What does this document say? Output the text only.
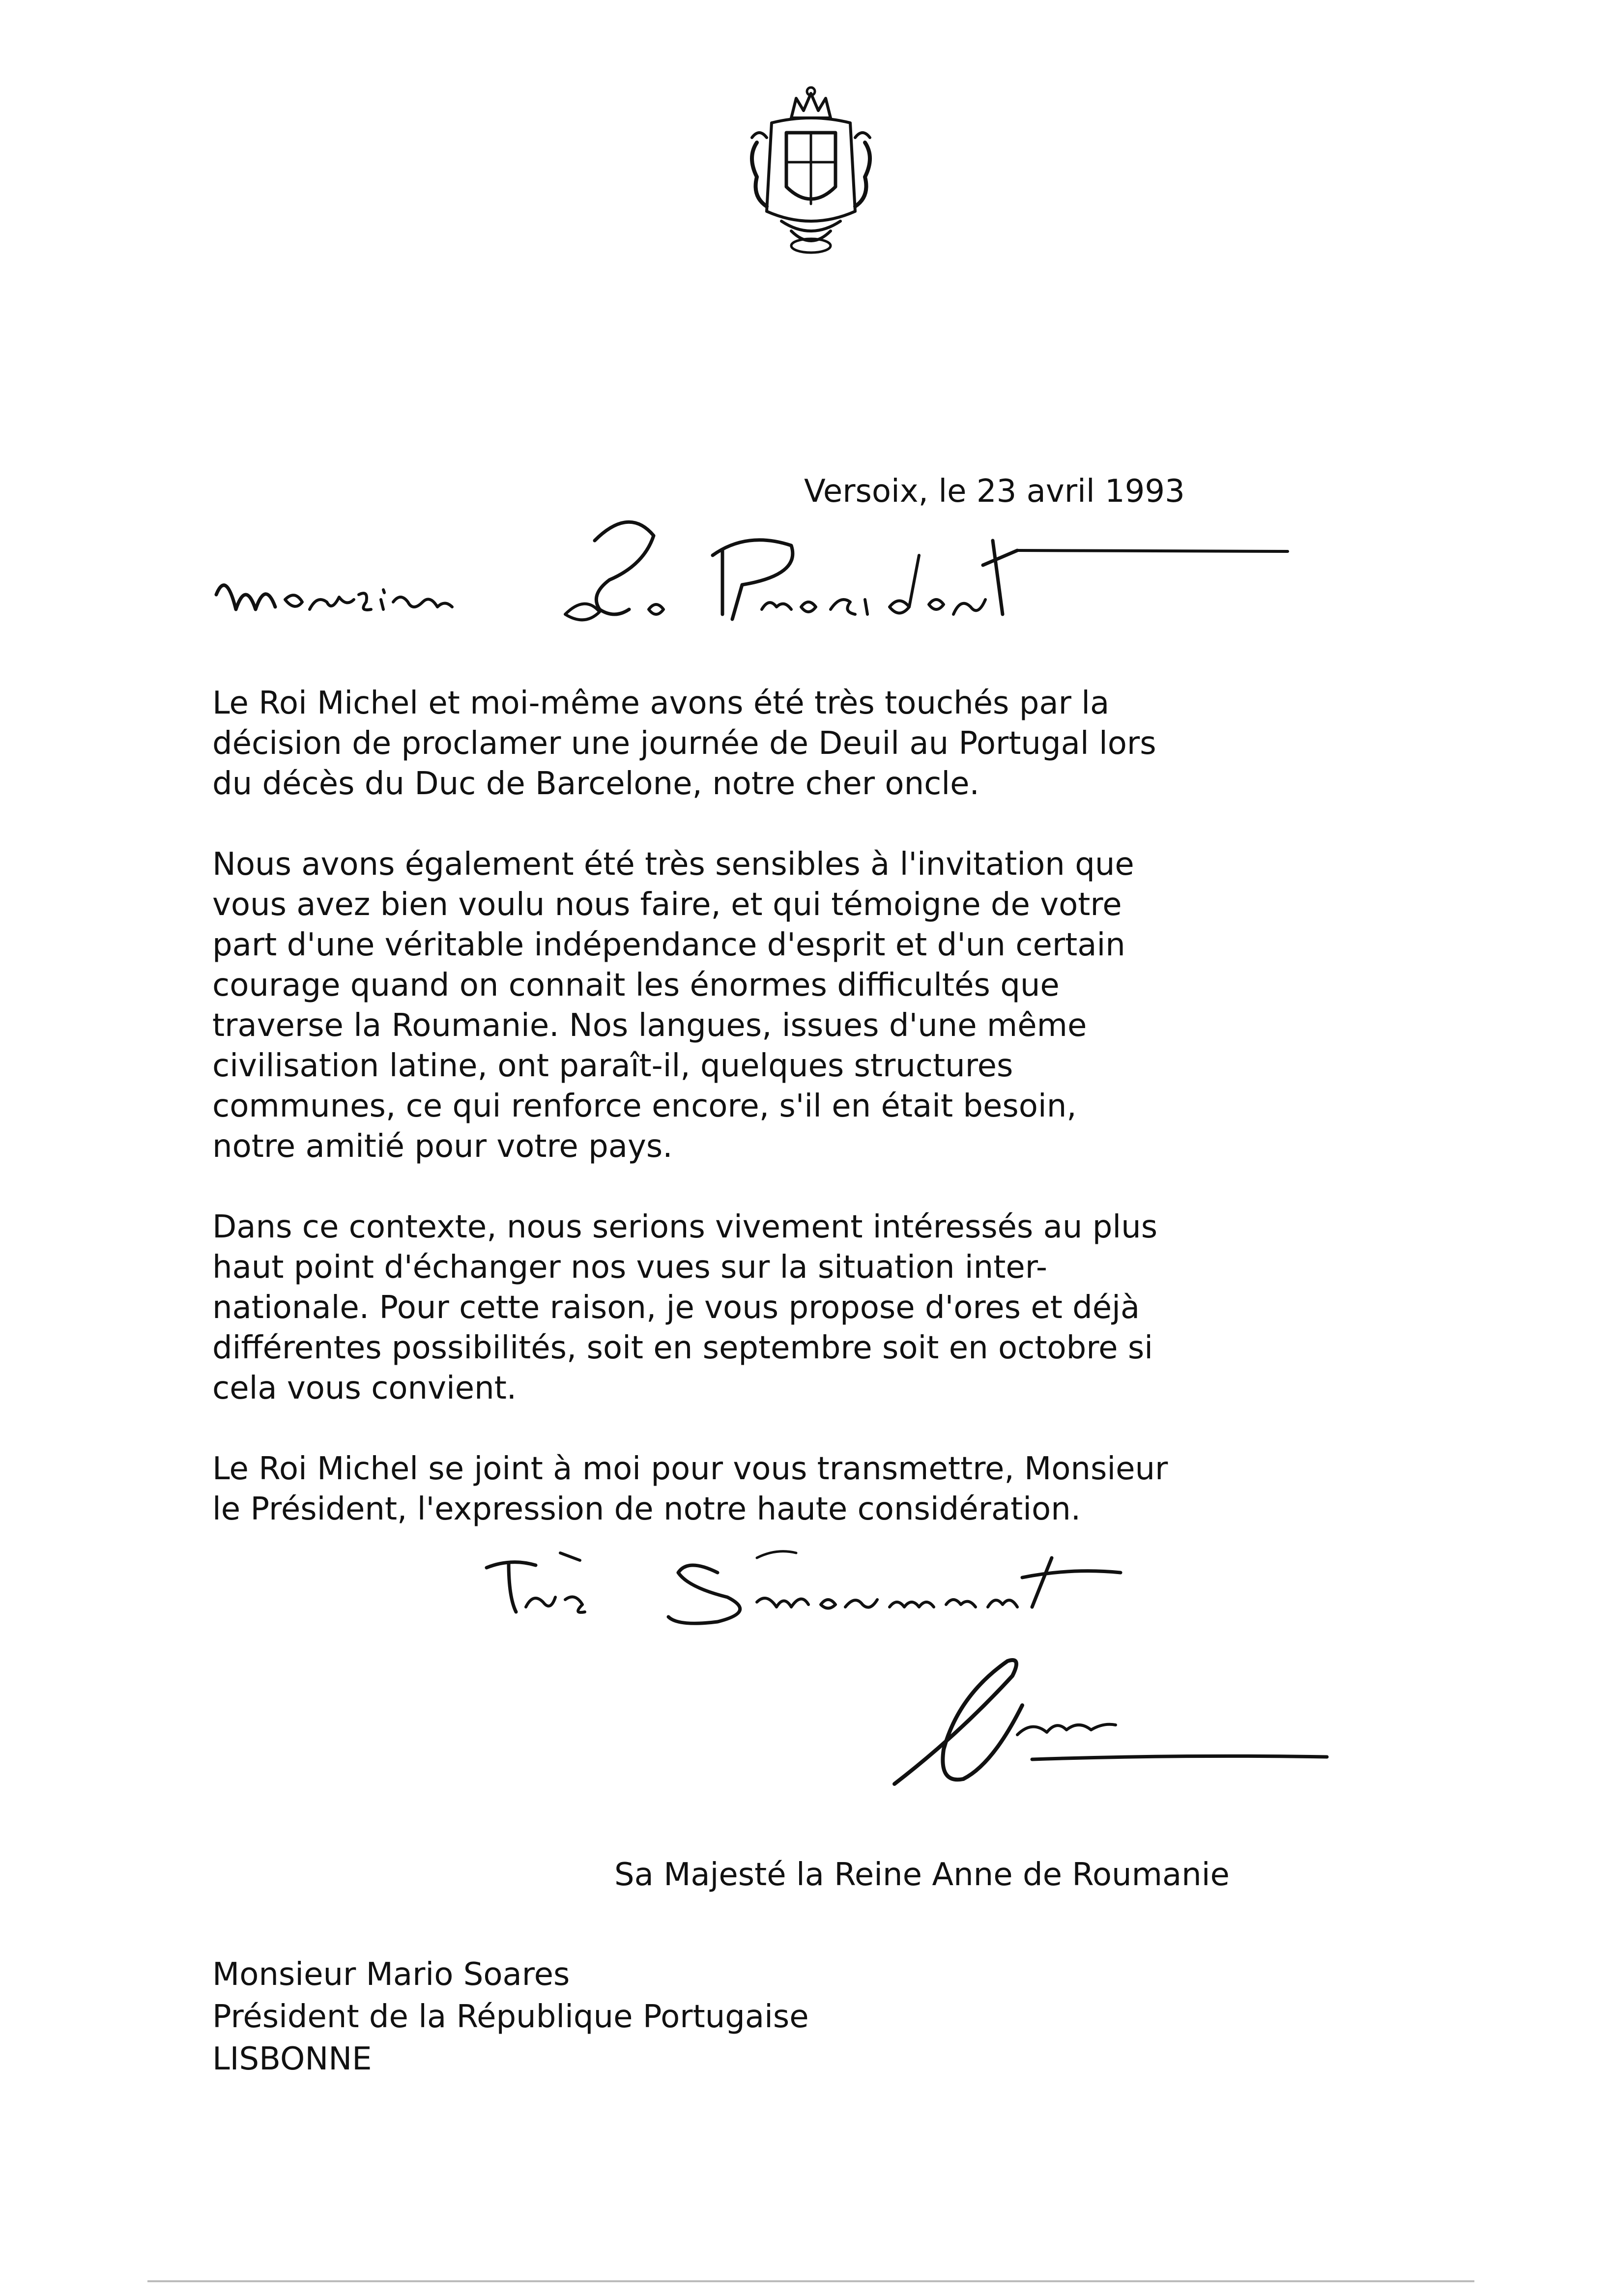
Versoix, le 23 avril 1993

Le Roi Michel et moi-même avons été très touchés par la
décision de proclamer une journée de Deuil au Portugal lors
du décès du Duc de Barcelone, notre cher oncle.

Nous avons également été très sensibles à l'invitation que
vous avez bien voulu nous faire, et qui témoigne de votre
part d'une véritable indépendance d'esprit et d'un certain
courage quand on connait les énormes difficultés que
traverse la Roumanie. Nos langues, issues d'une même
civilisation latine, ont paraît-il, quelques structures
communes, ce qui renforce encore, s'il en était besoin,
notre amitié pour votre pays.

Dans ce contexte, nous serions vivement intéressés au plus
haut point d'échanger nos vues sur la situation inter-
nationale. Pour cette raison, je vous propose d'ores et déjà
différentes possibilités, soit en septembre soit en octobre si
cela vous convient.

Le Roi Michel se joint à moi pour vous transmettre, Monsieur
le Président, l'expression de notre haute considération.

Sa Majesté la Reine Anne de Roumanie
Monsieur Mario Soares
Président de la République Portugaise
LISBONNE
